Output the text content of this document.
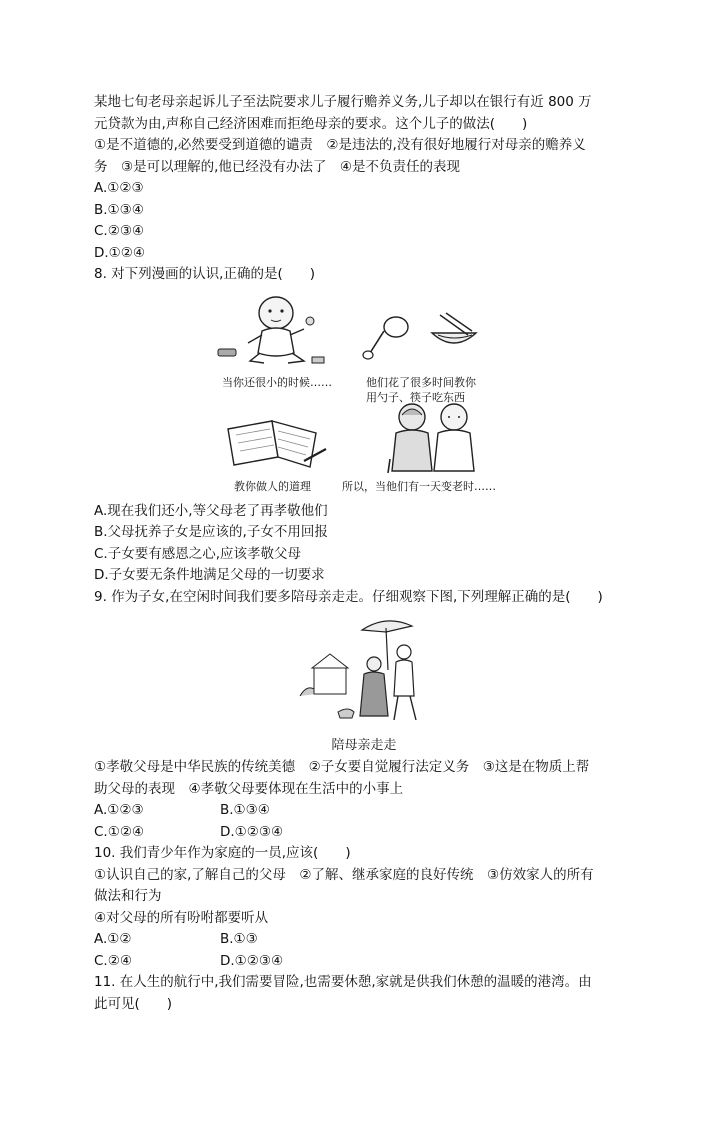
某地七旬老母亲起诉儿子至法院要求儿子履行赡养义务,儿子却以在银行有近 800 万
元贷款为由,声称自己经济困难而拒绝母亲的要求。这个儿子的做法(　　)
①是不道德的,必然要受到道德的谴责　②是违法的,没有很好地履行对母亲的赡养义
务　③是可以理解的,他已经没有办法了　④是不负责任的表现
A.①②③
B.①③④
C.②③④
D.①②④
8. 对下列漫画的认识,正确的是(　　)
当你还很小的时候……	他们花了很多时间教你
用勺子、筷子吃东西
教你做人的道理	所以，当他们有一天变老时……
A.现在我们还小,等父母老了再孝敬他们
B.父母抚养子女是应该的,子女不用回报
C.子女要有感恩之心,应该孝敬父母
D.子女要无条件地满足父母的一切要求
9. 作为子女,在空闲时间我们要多陪母亲走走。仔细观察下图,下列理解正确的是(　　)
陪母亲走走
①孝敬父母是中华民族的传统美德　②子女要自觉履行法定义务　③这是在物质上帮
助父母的表现　④孝敬父母要体现在生活中的小事上
A.①②③	B.①③④
C.①②④	D.①②③④
10. 我们青少年作为家庭的一员,应该(　　)
①认识自己的家,了解自己的父母　②了解、继承家庭的良好传统　③仿效家人的所有
做法和行为
④对父母的所有吩咐都要听从
A.①②	B.①③
C.②④	D.①②③④
11. 在人生的航行中,我们需要冒险,也需要休憩,家就是供我们休憩的温暖的港湾。由
此可见(　　)
